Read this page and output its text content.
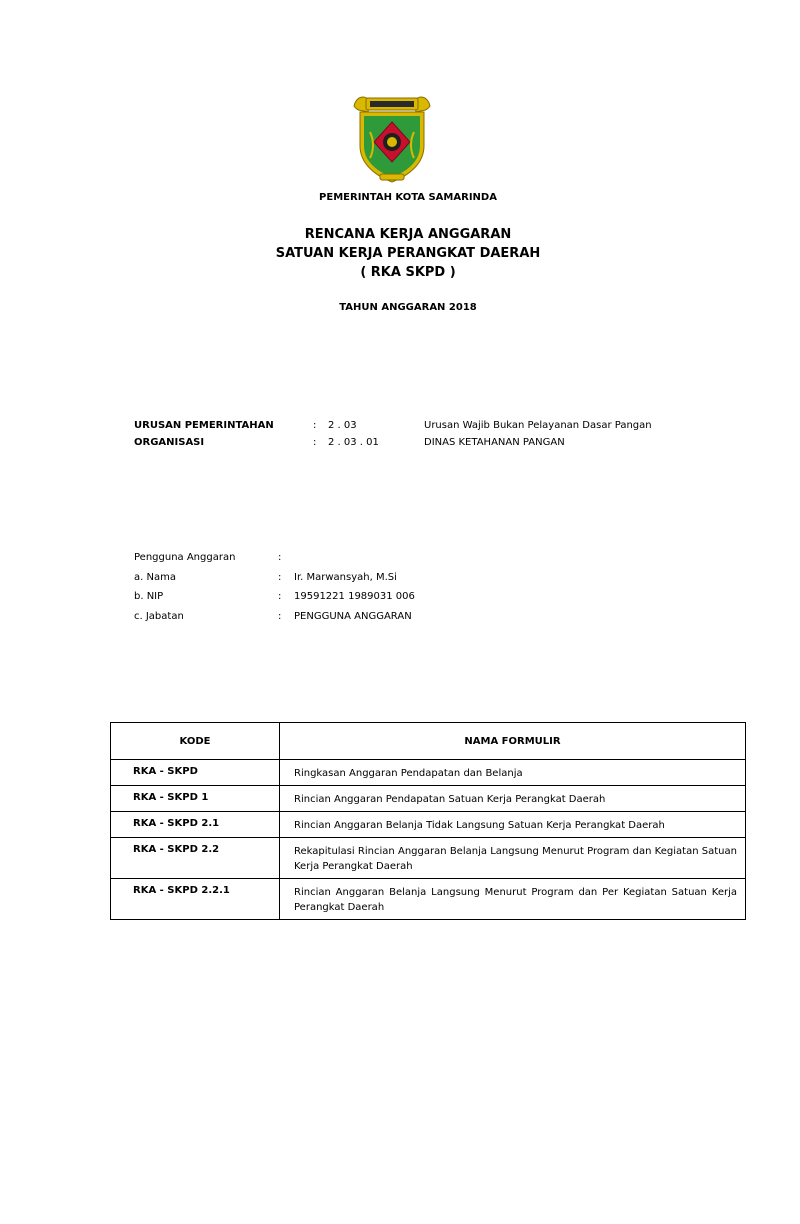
PEMERINTAH KOTA SAMARINDA
RENCANA KERJA ANGGARAN
SATUAN KERJA PERANGKAT DAERAH
( RKA SKPD )
TAHUN ANGGARAN 2018
URUSAN PEMERINTAHAN	: 2 . 03	Urusan Wajib Bukan Pelayanan Dasar Pangan
ORGANISASI	: 2 . 03 . 01	DINAS KETAHANAN PANGAN
Pengguna Anggaran	:
a. Nama	: Ir. Marwansyah, M.Si
b. NIP	: 19591221 1989031 006
c. Jabatan	: PENGGUNA ANGGARAN
KODE	NAMA FORMULIR
RKA - SKPD	Ringkasan Anggaran Pendapatan dan Belanja
RKA - SKPD 1	Rincian Anggaran Pendapatan Satuan Kerja Perangkat Daerah
RKA - SKPD 2.1	Rincian Anggaran Belanja Tidak Langsung Satuan Kerja Perangkat Daerah
RKA - SKPD 2.2	Rekapitulasi Rincian Anggaran Belanja Langsung Menurut Program dan Kegiatan Satuan Kerja Perangkat Daerah
RKA - SKPD 2.2.1	Rincian Anggaran Belanja Langsung Menurut Program dan Per Kegiatan Satuan Kerja Perangkat Daerah
